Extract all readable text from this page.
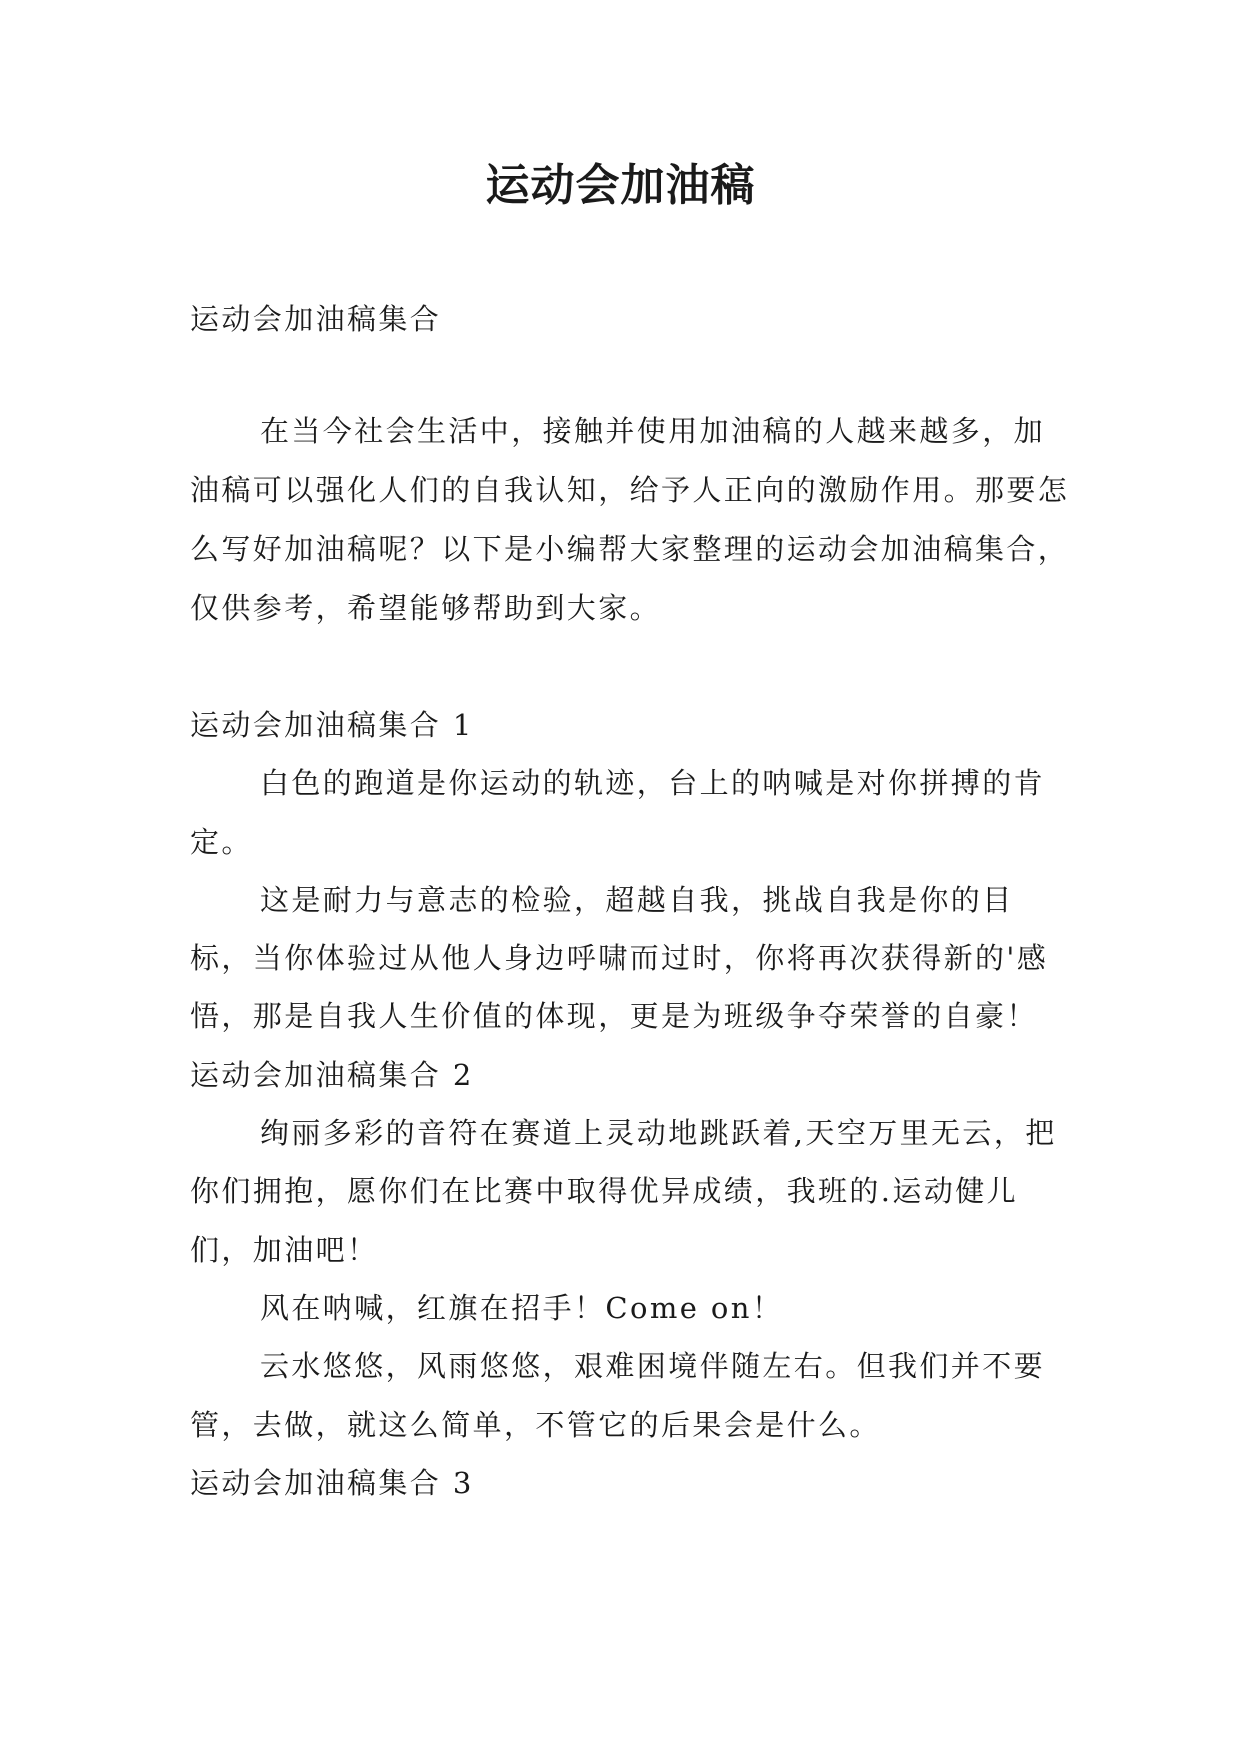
运动会加油稿

运动会加油稿集合

在当今社会生活中，接触并使用加油稿的人越来越多，加油稿可以强化人们的自我认知，给予人正向的激励作用。那要怎么写好加油稿呢？以下是小编帮大家整理的运动会加油稿集合，仅供参考，希望能够帮助到大家。

运动会加油稿集合 1

白色的跑道是你运动的轨迹，台上的呐喊是对你拼搏的肯定。

这是耐力与意志的检验，超越自我，挑战自我是你的目标，当你体验过从他人身边呼啸而过时，你将再次获得新的'感悟，那是自我人生价值的体现，更是为班级争夺荣誉的自豪！

运动会加油稿集合 2

绚丽多彩的音符在赛道上灵动地跳跃着,天空万里无云，把你们拥抱，愿你们在比赛中取得优异成绩，我班的.运动健儿们，加油吧！

风在呐喊，红旗在招手！Come on！

云水悠悠，风雨悠悠，艰难困境伴随左右。但我们并不要管，去做，就这么简单，不管它的后果会是什么。

运动会加油稿集合 3
